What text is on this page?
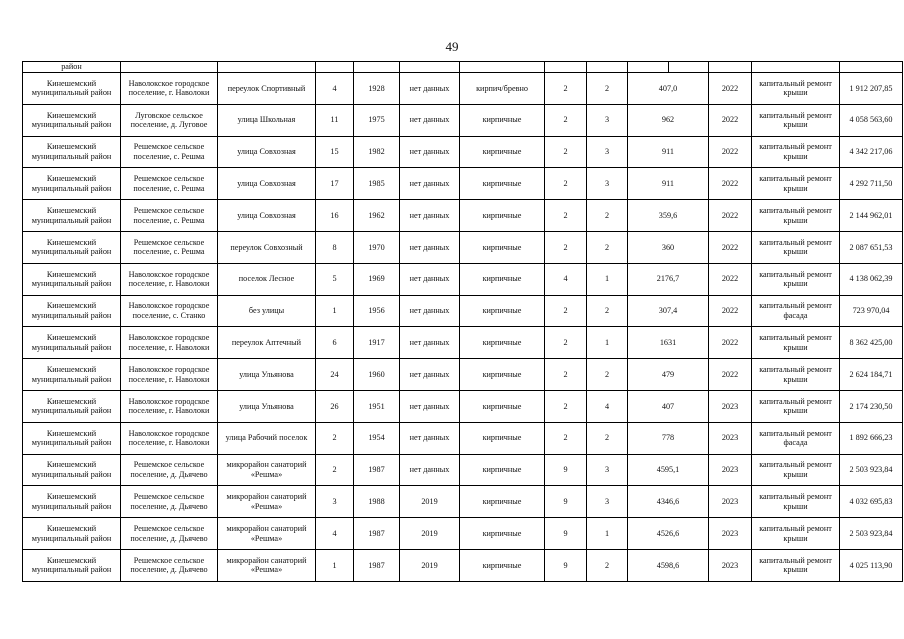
49
район													
Кинешемский муниципальный район	Наволокское городское поселение, г. Наволоки	переулок Спортивный	4	1928	нет данных	кирпич/бревно	2	2	407,0		2022	капитальный ремонт крыши	1 912 207,85
Кинешемский муниципальный район	Луговское сельское поселение, д. Луговое	улица Школьная	11	1975	нет данных	кирпичные	2	3	962		2022	капитальный ремонт крыши	4 058 563,60
Кинешемский муниципальный район	Решемское сельское поселение, с. Решма	улица Совхозная	15	1982	нет данных	кирпичные	2	3	911		2022	капитальный ремонт крыши	4 342 217,06
Кинешемский муниципальный район	Решемское сельское поселение, с. Решма	улица Совхозная	17	1985	нет данных	кирпичные	2	3	911		2022	капитальный ремонт крыши	4 292 711,50
Кинешемский муниципальный район	Решемское сельское поселение, с. Решма	улица Совхозная	16	1962	нет данных	кирпичные	2	2	359,6		2022	капитальный ремонт крыши	2 144 962,01
Кинешемский муниципальный район	Решемское сельское поселение, с. Решма	переулок Совхозный	8	1970	нет данных	кирпичные	2	2	360		2022	капитальный ремонт крыши	2 087 651,53
Кинешемский муниципальный район	Наволокское городское поселение, г. Наволоки	поселок Лесное	5	1969	нет данных	кирпичные	4	1	2176,7		2022	капитальный ремонт крыши	4 138 062,39
Кинешемский муниципальный район	Наволокское городское поселение, с. Станко	без улицы	1	1956	нет данных	кирпичные	2	2	307,4		2022	капитальный ремонт фасада	723 970,04
Кинешемский муниципальный район	Наволокское городское поселение, г. Наволоки	переулок Аптечный	6	1917	нет данных	кирпичные	2	1	1631		2022	капитальный ремонт крыши	8 362 425,00
Кинешемский муниципальный район	Наволокское городское поселение, г. Наволоки	улица Ульянова	24	1960	нет данных	кирпичные	2	2	479		2022	капитальный ремонт крыши	2 624 184,71
Кинешемский муниципальный район	Наволокское городское поселение, г. Наволоки	улица Ульянова	26	1951	нет данных	кирпичные	2	4	407		2023	капитальный ремонт крыши	2 174 230,50
Кинешемский муниципальный район	Наволокское городское поселение, г. Наволоки	улица Рабочий поселок	2	1954	нет данных	кирпичные	2	2	778		2023	капитальный ремонт фасада	1 892 666,23
Кинешемский муниципальный район	Решемское сельское поселение, д. Дьячево	микрорайон санаторий «Решма»	2	1987	нет данных	кирпичные	9	3	4595,1		2023	капитальный ремонт крыши	2 503 923,84
Кинешемский муниципальный район	Решемское сельское поселение, д. Дьячево	микрорайон санаторий «Решма»	3	1988	2019	кирпичные	9	3	4346,6		2023	капитальный ремонт крыши	4 032 695,83
Кинешемский муниципальный район	Решемское сельское поселение, д. Дьячево	микрорайон санаторий «Решма»	4	1987	2019	кирпичные	9	1	4526,6		2023	капитальный ремонт крыши	2 503 923,84
Кинешемский муниципальный район	Решемское сельское поселение, д. Дьячево	микрорайон санаторий «Решма»	1	1987	2019	кирпичные	9	2	4598,6		2023	капитальный ремонт крыши	4 025 113,90
